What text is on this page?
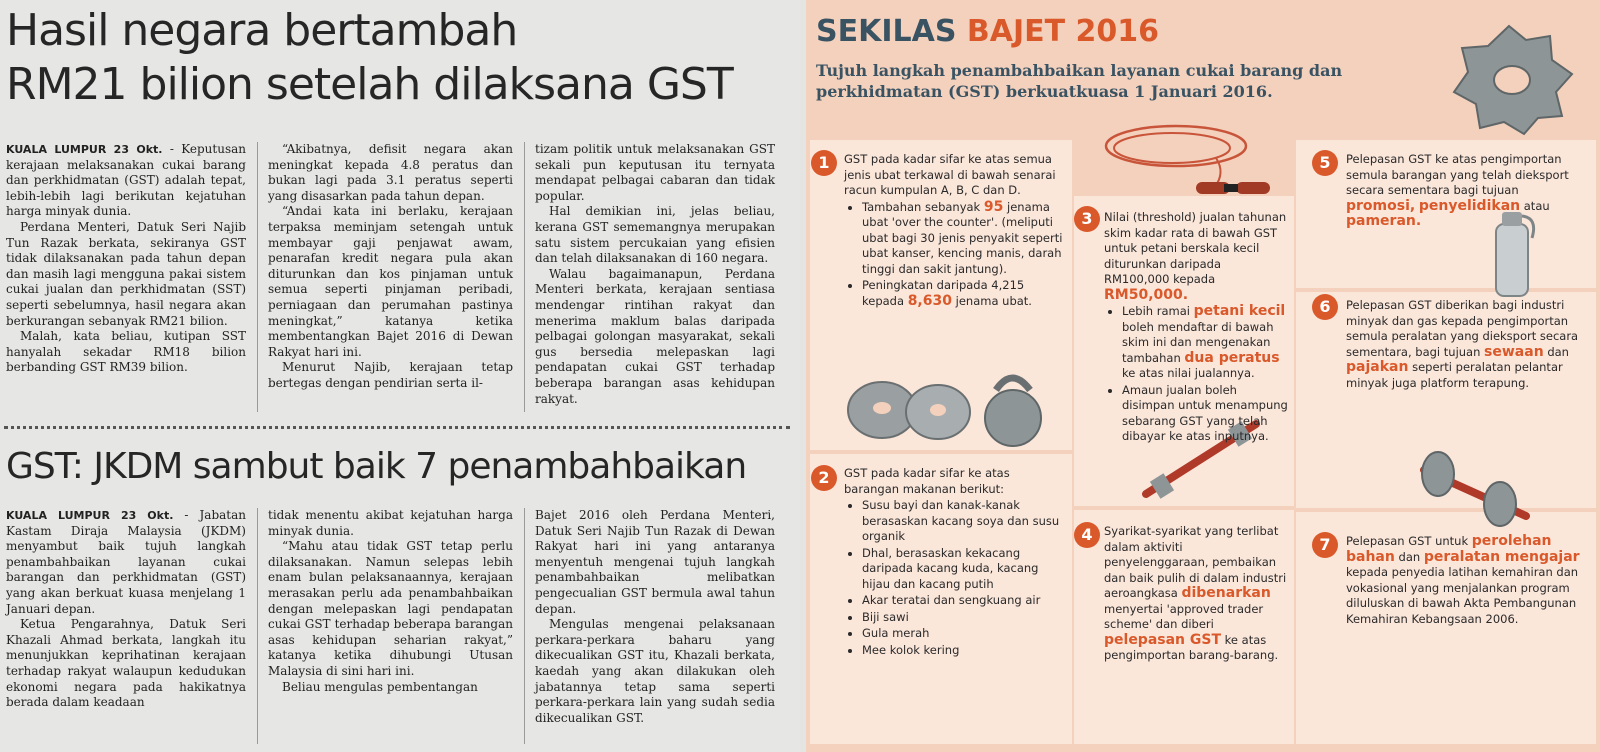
Hasil negara bertambah
RM21 bilion setelah dilaksana GST

KUALA LUMPUR 23 Okt. - Keputusan kerajaan melaksanakan cukai barang dan perkhidmatan (GST) adalah tepat, lebih-lebih lagi berikutan kejatuhan harga minyak dunia.

Perdana Menteri, Datuk Seri Najib Tun Razak berkata, sekiranya GST tidak dilaksanakan pada tahun depan dan masih lagi mengguna pakai sistem cukai jualan dan perkhidmatan (SST) seperti sebelumnya, hasil negara akan berkurangan sebanyak RM21 bilion.

Malah, kata beliau, kutipan SST hanyalah sekadar RM18 bilion berbanding GST RM39 bilion.

“Akibatnya, defisit negara akan meningkat kepada 4.8 peratus dan bukan lagi pada 3.1 peratus seperti yang disasarkan pada tahun depan.

“Andai kata ini berlaku, kerajaan terpaksa meminjam setengah untuk membayar gaji penjawat awam, penarafan kredit negara pula akan diturunkan dan kos pinjaman untuk semua seperti pinjaman peribadi, perniagaan dan perumahan pastinya meningkat,” katanya ketika membentangkan Bajet 2016 di Dewan Rakyat hari ini.

Menurut Najib, kerajaan tetap bertegas dengan pendirian serta il-

tizam politik untuk melaksanakan GST sekali pun keputusan itu ternyata mendapat pelbagai cabaran dan tidak popular.

Hal demikian ini, jelas beliau, kerana GST sememangnya merupakan satu sistem percukaian yang efisien dan telah dilaksanakan di 160 negara.

Walau bagaimanapun, Perdana Menteri berkata, kerajaan sentiasa mendengar rintihan rakyat dan menerima maklum balas daripada pelbagai golongan masyarakat, sekali gus bersedia melepaskan lagi pendapatan cukai GST terhadap beberapa barangan asas kehidupan rakyat.

GST: JKDM sambut baik 7 penambahbaikan

KUALA LUMPUR 23 Okt. - Jabatan Kastam Diraja Malaysia (JKDM) menyambut baik tujuh langkah penambahbaikan layanan cukai barangan dan perkhidmatan (GST) yang akan berkuat kuasa menjelang 1 Januari depan.

Ketua Pengarahnya, Datuk Seri Khazali Ahmad berkata, langkah itu menunjukkan keprihatinan kerajaan terhadap rakyat walaupun kedudukan ekonomi negara pada hakikatnya berada dalam keadaan

tidak menentu akibat kejatuhan harga minyak dunia.

“Mahu atau tidak GST tetap perlu dilaksanakan. Namun selepas lebih enam bulan pelaksanaannya, kerajaan merasakan perlu ada penambahbaikan dengan melepaskan lagi pendapatan cukai GST terhadap beberapa barangan asas kehidupan seharian rakyat,” katanya ketika dihubungi Utusan Malaysia di sini hari ini.

Beliau mengulas pembentangan

Bajet 2016 oleh Perdana Menteri, Datuk Seri Najib Tun Razak di Dewan Rakyat hari ini yang antaranya menyentuh mengenai tujuh langkah penambahbaikan melibatkan pengecualian GST bermula awal tahun depan.

Mengulas mengenai pelaksanaan perkara-perkara baharu yang dikecualikan GST itu, Khazali berkata, kaedah yang akan dilakukan oleh jabatannya tetap sama seperti perkara-perkara lain yang sudah sedia dikecualikan GST.

SEKILAS BAJET 2016

Tujuh langkah penambahbaikan layanan cukai barang dan perkhidmatan (GST) berkuatkuasa 1 Januari 2016.

1
2
3
4
5
6
7

GST pada kadar sifar ke atas semua jenis ubat terkawal di bawah senarai racun kumpulan A, B, C dan D.

• Tambahan sebanyak 95 jenama ubat 'over the counter'. (meliputi ubat bagi 30 jenis penyakit seperti ubat kanser, kencing manis, darah tinggi dan sakit jantung).
• Peningkatan daripada 4,215 kepada 8,630 jenama ubat.

GST pada kadar sifar ke atas barangan makanan berikut:

• Susu bayi dan kanak-kanak berasaskan kacang soya dan susu organik
• Dhal, berasaskan kekacang daripada kacang kuda, kacang hijau dan kacang putih
• Akar teratai dan sengkuang air
• Biji sawi
• Gula merah
• Mee kolok kering

Nilai (threshold) jualan tahunan skim kadar rata di bawah GST untuk petani berskala kecil diturunkan daripada RM100,000 kepada RM50,000.

• Lebih ramai petani kecil boleh mendaftar di bawah skim ini dan mengenakan tambahan dua peratus ke atas nilai jualannya.
• Amaun jualan boleh disimpan untuk menampung sebarang GST yang telah dibayar ke atas inputnya.

Syarikat-syarikat yang terlibat dalam aktiviti penyelenggaraan, pembaikan dan baik pulih di dalam industri aeroangkasa dibenarkan menyertai 'approved trader scheme' dan diberi pelepasan GST ke atas pengimportan barang-barang.

Pelepasan GST ke atas pengimportan semula barangan yang telah dieksport secara sementara bagi tujuan promosi, penyelidikan atau pameran.

Pelepasan GST diberikan bagi industri minyak dan gas kepada pengimportan semula peralatan yang dieksport secara sementara, bagi tujuan sewaan dan pajakan seperti peralatan pelantar minyak juga platform terapung.

Pelepasan GST untuk perolehan bahan dan peralatan mengajar kepada penyedia latihan kemahiran dan vokasional yang menjalankan program diluluskan di bawah Akta Pembangunan Kemahiran Kebangsaan 2006.
